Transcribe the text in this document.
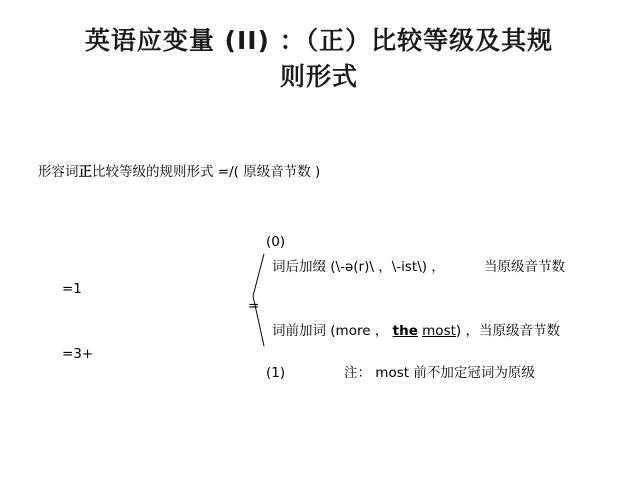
英语应变量 (II) ：（正）比较等级及其规
则形式
形容词正比较等级的规则形式 =/( 原级音节数 )
(0)
词后加缀 (\-ə(r)\ ，\-ist\) ，	当原级音节数
=1
=
词前加词 (more ， the most) ，当原级音节数
=3+
(1)	注： most 前不加定冠词为原级
